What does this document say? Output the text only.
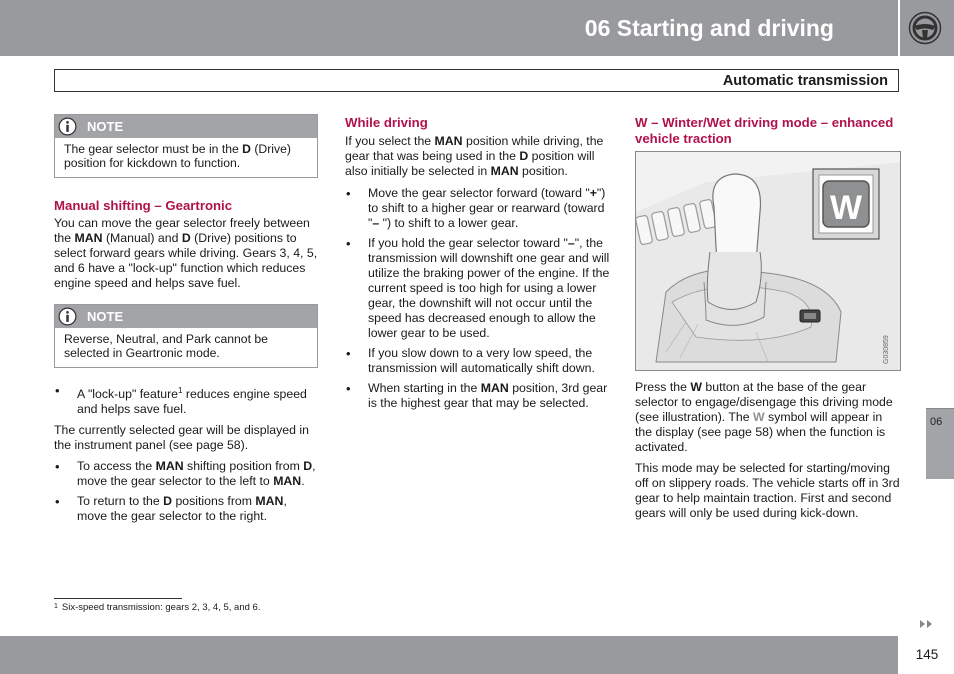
06 Starting and driving
Automatic transmission
NOTE
The gear selector must be in the D (Drive) position for kickdown to function.
Manual shifting – Geartronic

You can move the gear selector freely between the MAN (Manual) and D (Drive) positions to select forward gears while driving. Gears 3, 4, 5, and 6 have a "lock-up" function which reduces engine speed and helps save fuel.

NOTE
Reverse, Neutral, and Park cannot be selected in Geartronic mode.
• A "lock-up" feature$^1$ reduces engine speed and helps save fuel.

The currently selected gear will be displayed in the instrument panel (see page 58).

• To access the MAN shifting position from D, move the gear selector to the left to MAN.
• To return to the D positions from MAN, move the gear selector to the right.
While driving

If you select the MAN position while driving, the gear that was being used in the D position will also initially be selected in MAN position.

• Move the gear selector forward (toward "+") to shift to a higher gear or rearward (toward "– ") to shift to a lower gear.
• If you hold the gear selector toward "–", the transmission will downshift one gear and will utilize the braking power of the engine. If the current speed is too high for using a lower gear, the downshift will not occur until the speed has decreased enough to allow the lower gear to be used.
• If you slow down to a very low speed, the transmission will automatically shift down.
• When starting in the MAN position, 3rd gear is the highest gear that may be selected.
W – Winter/Wet driving mode – enhanced vehicle traction
W
G030859

Press the W button at the base of the gear selector to engage/disengage this driving mode (see illustration). The W symbol will appear in the display (see page 58) when the function is activated.

This mode may be selected for starting/moving off on slippery roads. The vehicle starts off in 3rd gear to help maintain traction. First and second gears will only be used during kick-down.

06
$^1$ Six-speed transmission: gears 2, 3, 4, 5, and 6.
145
